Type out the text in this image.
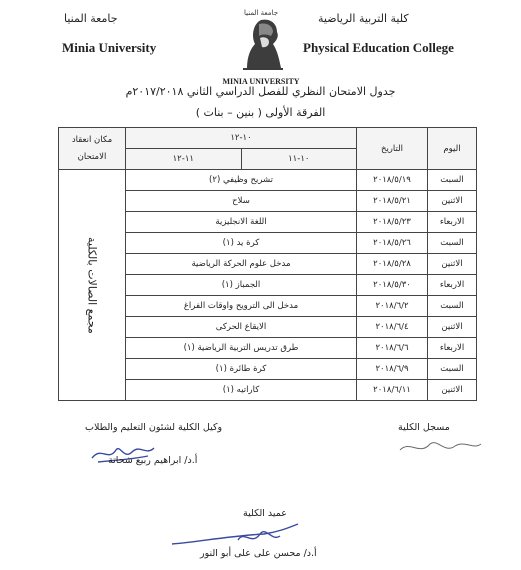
جامعة المنيا
Minia University
كلية التربية الرياضية
Physical Education College
جامعة المنيا
MINIA UNIVERSITY
جدول الامتحان النظري للفصل الدراسي الثاني ٢٠١٧/٢٠١٨م
الفرقة الأولى ( بنين – بنات )
اليوم	التاريخ	١٠-١٢		مكان انعقاد الامتحان
		١٠-١١	١١-١٢	
السبت	٢٠١٨/٥/١٩	تشريح وظيفي (٢)		مجمع الصالات بالكلية

الاثنين	٢٠١٨/٥/٢١	سلاح		
الاربعاء	٢٠١٨/٥/٢٣	اللغة الانجليزية		
السبت	٢٠١٨/٥/٢٦	كرة يد (١)		
الاثنين	٢٠١٨/٥/٢٨	مدخل علوم الحركة الرياضية		
الاربعاء	٢٠١٨/٥/٣٠	الجمباز (١)		
السبت	٢٠١٨/٦/٢	مدخل الى الترويح واوقات الفراغ		
الاثنين	٢٠١٨/٦/٤	الايقاع الحركى		
الاربعاء	٢٠١٨/٦/٦	طرق تدريس التربية الرياضية (١)		
السبت	٢٠١٨/٦/٩	كرة طائرة (١)		
الاثنين	٢٠١٨/٦/١١	كاراتيه (١)		
مسجل الكلية
وكيل الكلية لشئون التعليم والطلاب
أ.د/ ابراهيم ربيع شحاتة
عميد الكلية
أ.د/ محسن على على أبو النور
